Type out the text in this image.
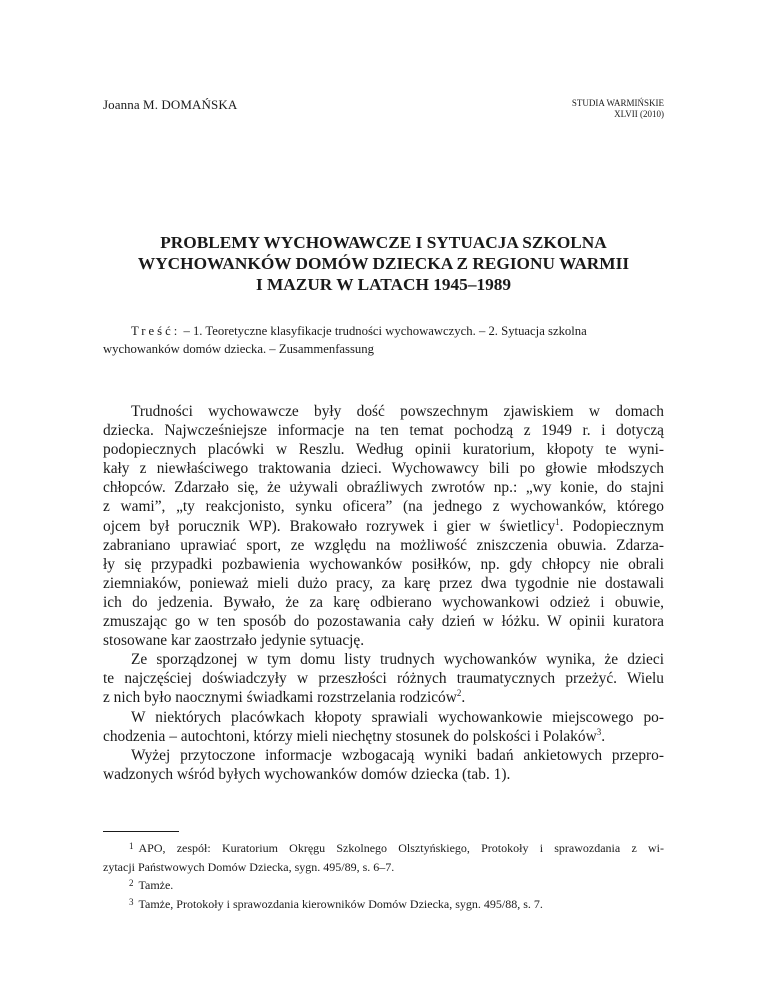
Joanna M. DOMAŃSKA	STUDIA WARMIŃSKIE
XLVII (2010)
PROBLEMY WYCHOWAWCZE I SYTUACJA SZKOLNA
WYCHOWANKÓW DOMÓW DZIECKA Z REGIONU WARMII
I MAZUR W LATACH 1945–1989
Treść: – 1. Teoretyczne klasyfikacje trudności wychowawczych. – 2. Sytuacja szkolna
wychowanków domów dziecka. – Zusammenfassung
Trudności wychowawcze były dość powszechnym zjawiskiem w domach
dziecka. Najwcześniejsze informacje na ten temat pochodzą z 1949 r. i dotyczą
podopiecznych placówki w Reszlu. Według opinii kuratorium, kłopoty te wyni-
kały z niewłaściwego traktowania dzieci. Wychowawcy bili po głowie młodszych
chłopców. Zdarzało się, że używali obraźliwych zwrotów np.: „wy konie, do stajni
z wami”, „ty reakcjonisto, synku oficera” (na jednego z wychowanków, którego
ojcem był porucznik WP). Brakowało rozrywek i gier w świetlicy$^1$. Podopiecznym
zabraniano uprawiać sport, ze względu na możliwość zniszczenia obuwia. Zdarza-
ły się przypadki pozbawienia wychowanków posiłków, np. gdy chłopcy nie obrali
ziemniaków, ponieważ mieli dużo pracy, za karę przez dwa tygodnie nie dostawali
ich do jedzenia. Bywało, że za karę odbierano wychowankowi odzież i obuwie,
zmuszając go w ten sposób do pozostawania cały dzień w łóżku. W opinii kuratora
stosowane kar zaostrzało jedynie sytuację.
Ze sporządzonej w tym domu listy trudnych wychowanków wynika, że dzieci
te najczęściej doświadczyły w przeszłości różnych traumatycznych przeżyć. Wielu
z nich było naocznymi świadkami rozstrzelania rodziców$^2$.
W niektórych placówkach kłopoty sprawiali wychowankowie miejscowego po-
chodzenia – autochtoni, którzy mieli niechętny stosunek do polskości i Polaków$^3$.
Wyżej przytoczone informacje wzbogacają wyniki badań ankietowych przepro-
wadzonych wśród byłych wychowanków domów dziecka (tab. 1).
$^1$ APO, zespół: Kuratorium Okręgu Szkolnego Olsztyńskiego, Protokoły i sprawozdania z wi-
zytacji Państwowych Domów Dziecka, sygn. 495/89, s. 6–7.
$^2$ Tamże.
$^3$ Tamże, Protokoły i sprawozdania kierowników Domów Dziecka, sygn. 495/88, s. 7.
